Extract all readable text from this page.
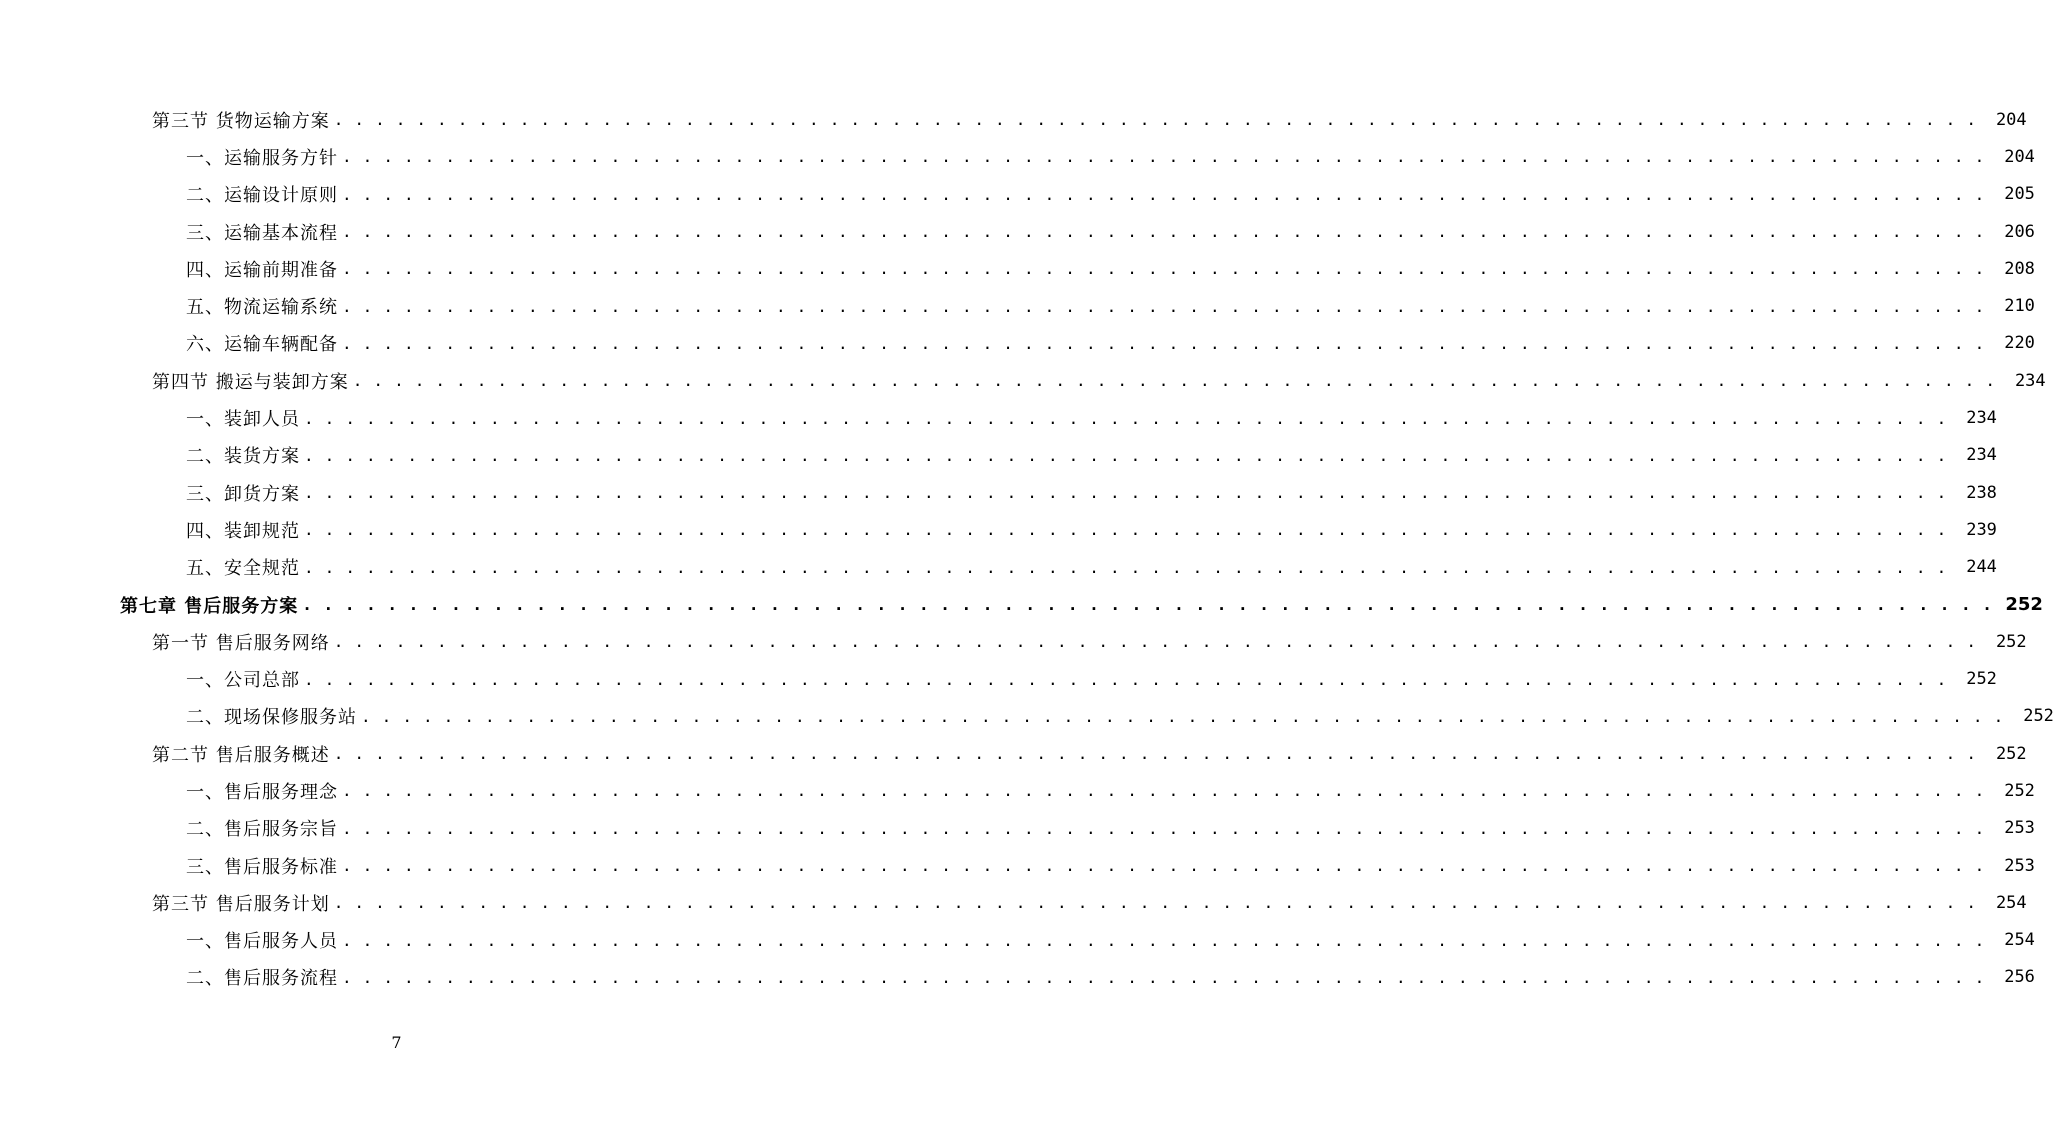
第三节 货物运输方案 . . . . . . . . . . . . . . . . . . . . . . . . . . . . . . . . . . . . . . . . . . . . . . . . . . . . . . . . . . . . . . . . . . . . . . . . . . . . . . . .	204
一、运输服务方针 . . . . . . . . . . . . . . . . . . . . . . . . . . . . . . . . . . . . . . . . . . . . . . . . . . . . . . . . . . . . . . . . . . . . . . . . . . . . . . . .	204
二、运输设计原则 . . . . . . . . . . . . . . . . . . . . . . . . . . . . . . . . . . . . . . . . . . . . . . . . . . . . . . . . . . . . . . . . . . . . . . . . . . . . . . . .	205
三、运输基本流程 . . . . . . . . . . . . . . . . . . . . . . . . . . . . . . . . . . . . . . . . . . . . . . . . . . . . . . . . . . . . . . . . . . . . . . . . . . . . . . . .	206
四、运输前期准备 . . . . . . . . . . . . . . . . . . . . . . . . . . . . . . . . . . . . . . . . . . . . . . . . . . . . . . . . . . . . . . . . . . . . . . . . . . . . . . . .	208
五、物流运输系统 . . . . . . . . . . . . . . . . . . . . . . . . . . . . . . . . . . . . . . . . . . . . . . . . . . . . . . . . . . . . . . . . . . . . . . . . . . . . . . . .	210
六、运输车辆配备 . . . . . . . . . . . . . . . . . . . . . . . . . . . . . . . . . . . . . . . . . . . . . . . . . . . . . . . . . . . . . . . . . . . . . . . . . . . . . . . .	220
第四节 搬运与装卸方案 . . . . . . . . . . . . . . . . . . . . . . . . . . . . . . . . . . . . . . . . . . . . . . . . . . . . . . . . . . . . . . . . . . . . . . . . . . . . . . . .	234
一、装卸人员 . . . . . . . . . . . . . . . . . . . . . . . . . . . . . . . . . . . . . . . . . . . . . . . . . . . . . . . . . . . . . . . . . . . . . . . . . . . . . . . .	234
二、装货方案 . . . . . . . . . . . . . . . . . . . . . . . . . . . . . . . . . . . . . . . . . . . . . . . . . . . . . . . . . . . . . . . . . . . . . . . . . . . . . . . .	234
三、卸货方案 . . . . . . . . . . . . . . . . . . . . . . . . . . . . . . . . . . . . . . . . . . . . . . . . . . . . . . . . . . . . . . . . . . . . . . . . . . . . . . . .	238
四、装卸规范 . . . . . . . . . . . . . . . . . . . . . . . . . . . . . . . . . . . . . . . . . . . . . . . . . . . . . . . . . . . . . . . . . . . . . . . . . . . . . . . .	239
五、安全规范 . . . . . . . . . . . . . . . . . . . . . . . . . . . . . . . . . . . . . . . . . . . . . . . . . . . . . . . . . . . . . . . . . . . . . . . . . . . . . . . .	244
第七章 售后服务方案 . . . . . . . . . . . . . . . . . . . . . . . . . . . . . . . . . . . . . . . . . . . . . . . . . . . . . . . . . . . . . . . . . . . . . . . . . . . . . . . . 252
第一节 售后服务网络 . . . . . . . . . . . . . . . . . . . . . . . . . . . . . . . . . . . . . . . . . . . . . . . . . . . . . . . . . . . . . . . . . . . . . . . . . . . . . . . .	252
一、公司总部 . . . . . . . . . . . . . . . . . . . . . . . . . . . . . . . . . . . . . . . . . . . . . . . . . . . . . . . . . . . . . . . . . . . . . . . . . . . . . . . .	252
二、现场保修服务站 . . . . . . . . . . . . . . . . . . . . . . . . . . . . . . . . . . . . . . . . . . . . . . . . . . . . . . . . . . . . . . . . . . . . . . . . . . . . . . . .	252
第二节 售后服务概述 . . . . . . . . . . . . . . . . . . . . . . . . . . . . . . . . . . . . . . . . . . . . . . . . . . . . . . . . . . . . . . . . . . . . . . . . . . . . . . . .	252
一、售后服务理念 . . . . . . . . . . . . . . . . . . . . . . . . . . . . . . . . . . . . . . . . . . . . . . . . . . . . . . . . . . . . . . . . . . . . . . . . . . . . . . . .	252
二、售后服务宗旨 . . . . . . . . . . . . . . . . . . . . . . . . . . . . . . . . . . . . . . . . . . . . . . . . . . . . . . . . . . . . . . . . . . . . . . . . . . . . . . . .	253
三、售后服务标准 . . . . . . . . . . . . . . . . . . . . . . . . . . . . . . . . . . . . . . . . . . . . . . . . . . . . . . . . . . . . . . . . . . . . . . . . . . . . . . . .	253
第三节 售后服务计划 . . . . . . . . . . . . . . . . . . . . . . . . . . . . . . . . . . . . . . . . . . . . . . . . . . . . . . . . . . . . . . . . . . . . . . . . . . . . . . . .	254
一、售后服务人员 . . . . . . . . . . . . . . . . . . . . . . . . . . . . . . . . . . . . . . . . . . . . . . . . . . . . . . . . . . . . . . . . . . . . . . . . . . . . . . . .	254
二、售后服务流程 . . . . . . . . . . . . . . . . . . . . . . . . . . . . . . . . . . . . . . . . . . . . . . . . . . . . . . . . . . . . . . . . . . . . . . . . . . . . . . . .	256
7
